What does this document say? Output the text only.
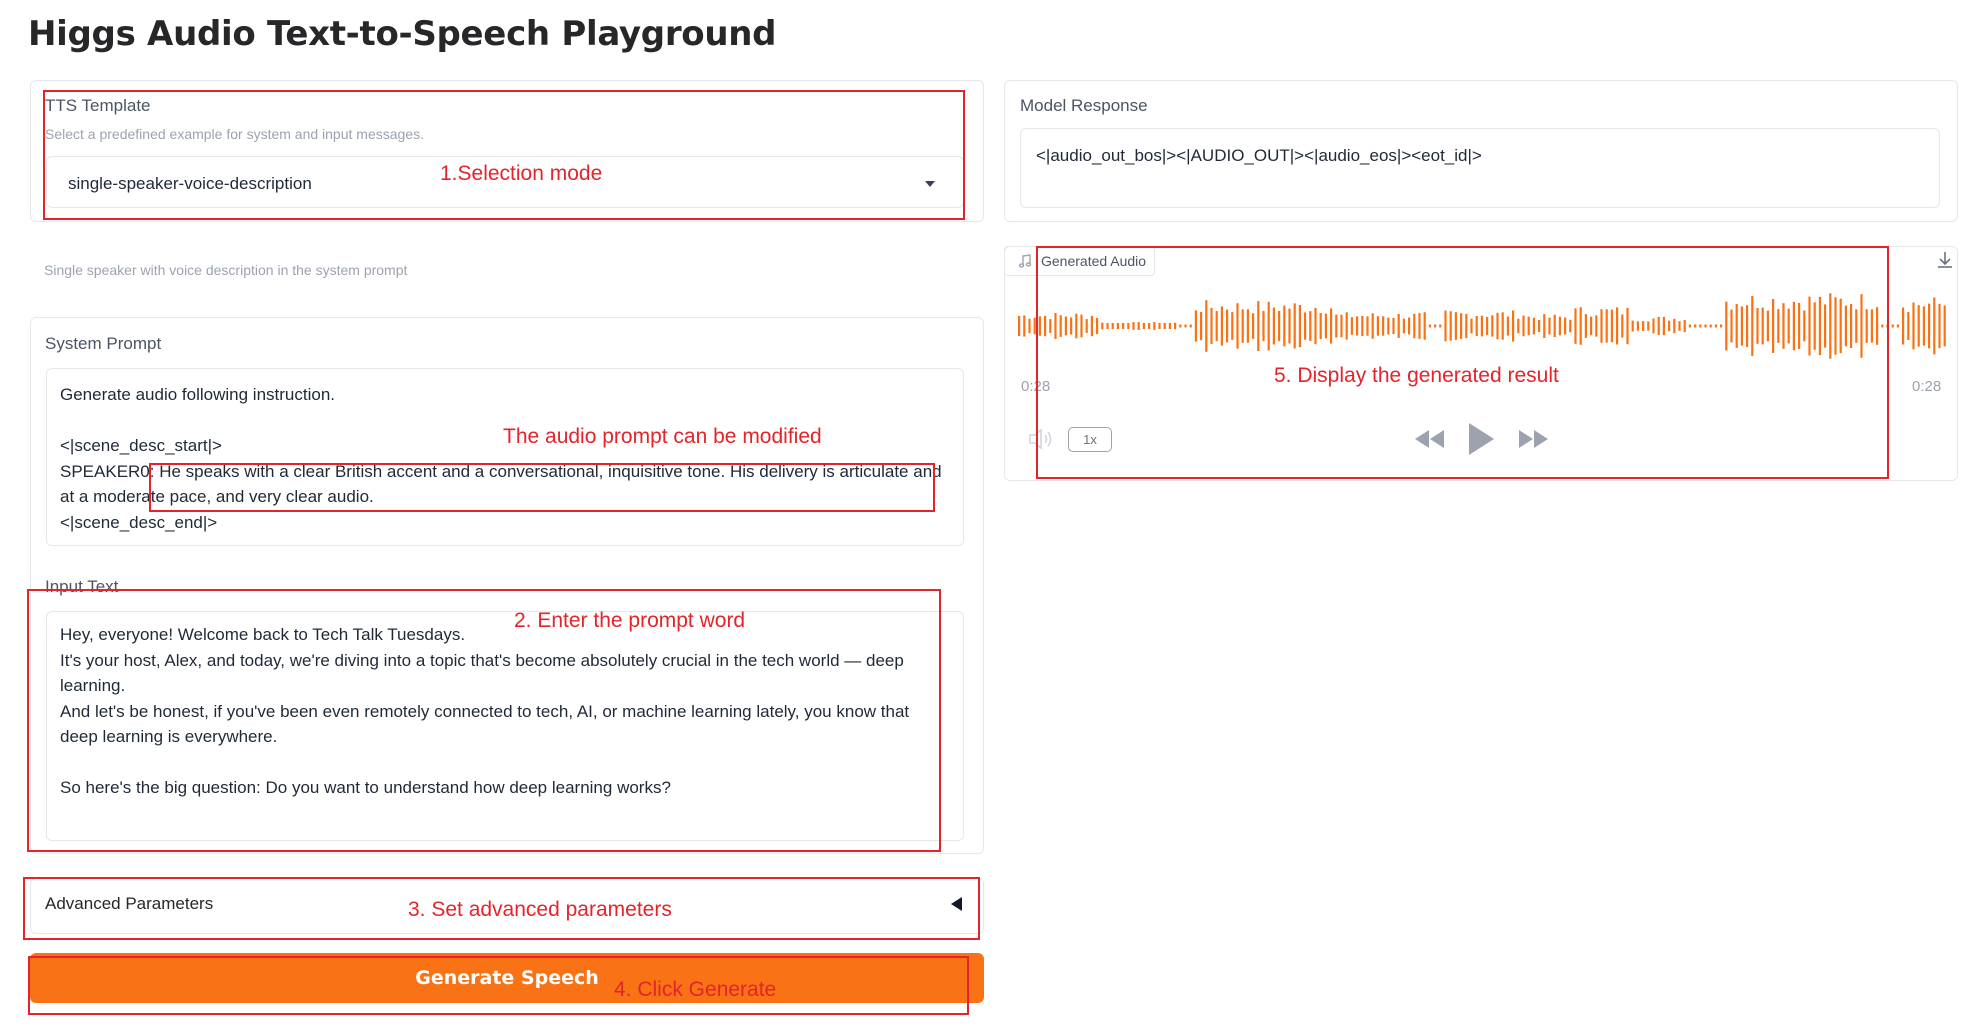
Higgs Audio Text-to-Speech Playground
TTS Template
Select a predefined example for system and input messages.
single-speaker-voice-description
Single speaker with voice description in the system prompt
System Prompt
Generate audio following instruction.

<|scene_desc_start|>
SPEAKER0: He speaks with a clear British accent and a conversational, inquisitive tone. His delivery is articulate and
at a moderate pace, and very clear audio.
<|scene_desc_end|>
Input Text
Hey, everyone! Welcome back to Tech Talk Tuesdays.
It's your host, Alex, and today, we're diving into a topic that's become absolutely crucial in the tech world — deep
learning.
And let's be honest, if you've been even remotely connected to tech, AI, or machine learning lately, you know that
deep learning is everywhere.

So here's the big question: Do you want to understand how deep learning works?
Advanced Parameters
Generate Speech
Model Response
<|audio_out_bos|><|AUDIO_OUT|><|audio_eos|><eot_id|>
Generated Audio
0:28	0:28
1x
1.Selection mode
The audio prompt can be modified
2. Enter the prompt word
3. Set advanced parameters
4. Click Generate
5. Display the generated result
